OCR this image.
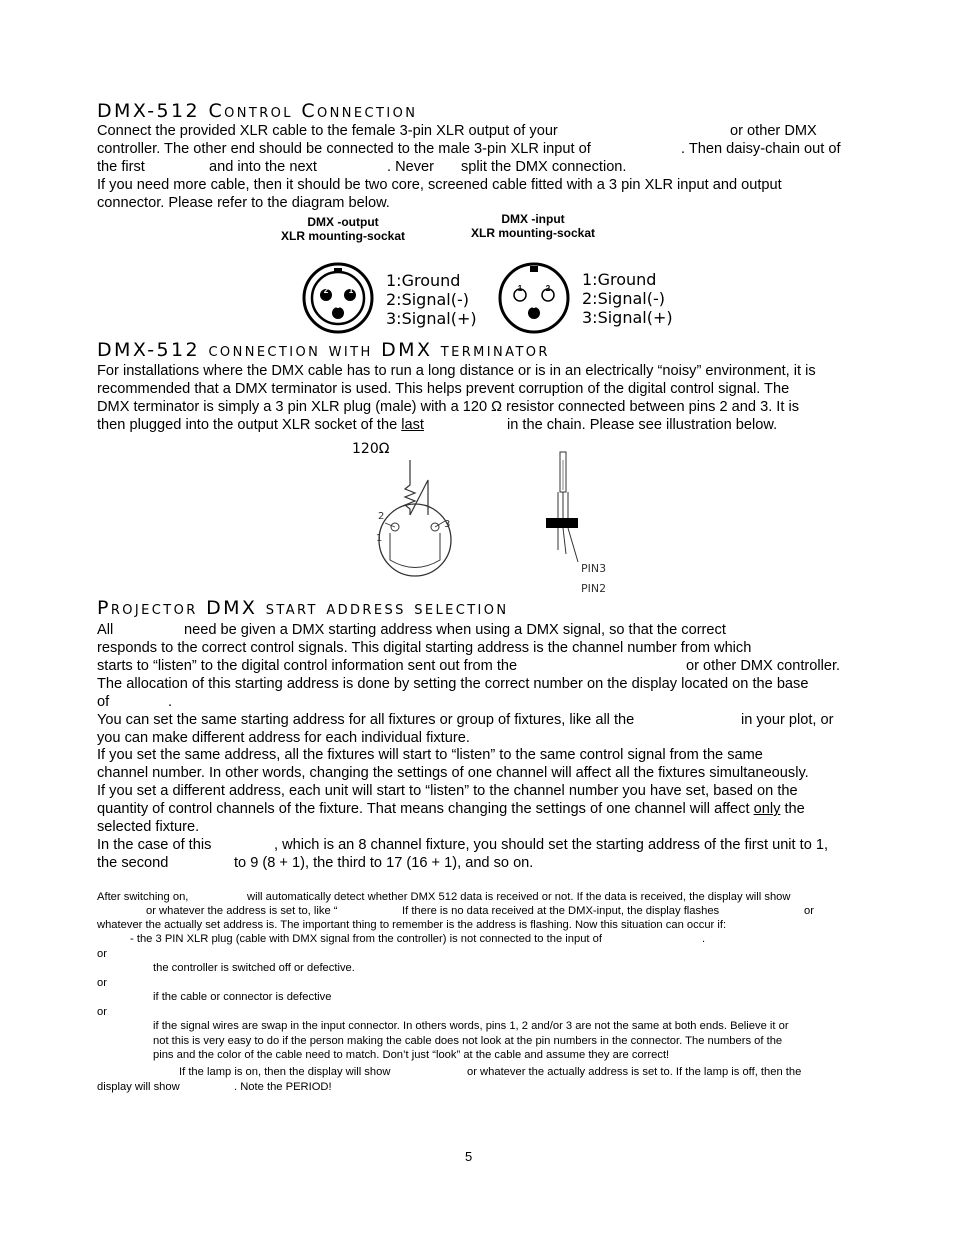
DMX-512 Control Connection
Connect the provided XLR cable to the female 3-pin XLR output of your	or other DMX
controller. The other end should be connected to the male 3-pin XLR input of	. Then daisy-chain out of
the first	and into the next	. Never split the DMX connection.
If you need more cable, then it should be two core, screened cable fitted with a 3 pin XLR input and output
connector. Please refer to the diagram below.
DMX -output
XLR mounting-sockat
DMX -input
XLR mounting-sockat
2	1
3
1:Ground
2:Signal(-)
3:Signal(+)
1	2
3
1:Ground
2:Signal(-)
3:Signal(+)
DMX-512 connection with DMX terminator
For installations where the DMX cable has to run a long distance or is in an electrically “noisy” environment, it is
recommended that a DMX terminator is used. This helps prevent corruption of the digital control signal. The
DMX terminator is simply a 3 pin XLR plug (male) with a 120 Ω resistor connected between pins 2 and 3. It is
then plugged into the output XLR socket of the last	in the chain. Please see illustration below.
120Ω
2
3
1
PIN3
PIN2
Projector DMX start address selection
All	need be given a DMX starting address when using a DMX signal, so that the correct
responds to the correct control signals. This digital starting address is the channel number from which
starts to “listen” to the digital control information sent out from the	or other DMX controller.
The allocation of this starting address is done by setting the correct number on the display located on the base
of	.
You can set the same starting address for all fixtures or group of fixtures, like all the	in your plot, or
you can make different address for each individual fixture.
If you set the same address, all the fixtures will start to “listen” to the same control signal from the same
channel number. In other words, changing the settings of one channel will affect all the fixtures simultaneously.
If you set a different address, each unit will start to “listen” to the channel number you have set, based on the
quantity of control channels of the fixture. That means changing the settings of one channel will affect only the
selected fixture.
In the case of this	, which is an 8 channel fixture, you should set the starting address of the first unit to 1,
the second	to 9 (8 + 1), the third to 17 (16 + 1), and so on.
After switching on,	will automatically detect whether DMX 512 data is received or not. If the data is received, the display will show
or whatever the address is set to, like “	If there is no data received at the DMX-input, the display flashes	or
whatever the actually set address is. The important thing to remember is the address is flashing. Now this situation can occur if:
- the 3 PIN XLR plug (cable with DMX signal from the controller) is not connected to the input of	.
or
the controller is switched off or defective.
or
if the cable or connector is defective
or
if the signal wires are swap in the input connector. In others words, pins 1, 2 and/or 3 are not the same at both ends. Believe it or
not this is very easy to do if the person making the cable does not look at the pin numbers in the connector. The numbers of the
pins and the color of the cable need to match. Don’t just “look” at the cable and assume they are correct!
If the lamp is on, then the display will show	or whatever the actually address is set to. If the lamp is off, then the
display will show	. Note the PERIOD!
5
